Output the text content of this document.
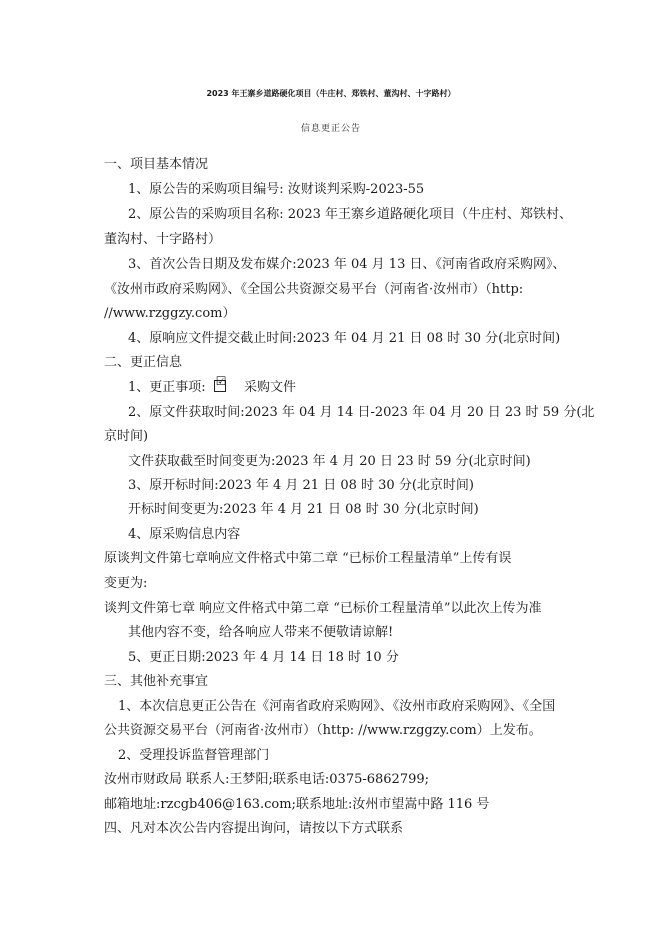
2023 年王寨乡道路硬化项目（牛庄村、郑铁村、董沟村、十字路村）
信息更正公告
一、项目基本情况
1、原公告的采购项目编号: 汝财谈判采购-2023-55
2、原公告的采购项目名称: 2023 年王寨乡道路硬化项目（牛庄村、郑铁村、
董沟村、十字路村）
3、首次公告日期及发布媒介:2023 年 04 月 13 日、《河南省政府采购网》、
《汝州市政府采购网》、《全国公共资源交易平台（河南省·汝州市）（http:
//www.rzggzy.com）
4、原响应文件提交截止时间:2023 年 04 月 21 日 08 时 30 分(北京时间)
二、更正信息
1、更正事项: ☑ 采购文件
2、原文件获取时间:2023 年 04 月 14 日-2023 年 04 月 20 日 23 时 59 分(北
京时间)
文件获取截至时间变更为:2023 年 4 月 20 日 23 时 59 分(北京时间)
3、原开标时间:2023 年 4 月 21 日 08 时 30 分(北京时间)
开标时间变更为:2023 年 4 月 21 日 08 时 30 分(北京时间)
4、原采购信息内容
原谈判文件第七章响应文件格式中第二章 “已标价工程量清单”上传有误
变更为:
谈判文件第七章 响应文件格式中第二章 “已标价工程量清单”以此次上传为准
其他内容不变，给各响应人带来不便敬请谅解!
5、更正日期:2023 年 4 月 14 日 18 时 10 分
三、其他补充事宜
1、本次信息更正公告在《河南省政府采购网》、《汝州市政府采购网》、《全国
公共资源交易平台（河南省·汝州市）（http: //www.rzggzy.com）上发布。
2、受理投诉监督管理部门
汝州市财政局 联系人:王梦阳;联系电话:0375-6862799;
邮箱地址:rzcgb406@163.com;联系地址:汝州市望嵩中路 116 号
四、凡对本次公告内容提出询问，请按以下方式联系
